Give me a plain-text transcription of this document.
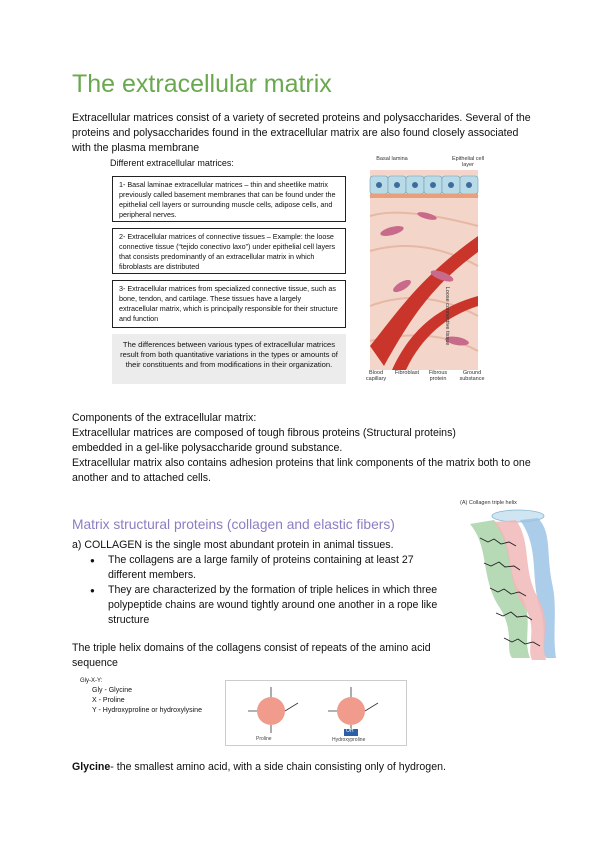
The extracellular matrix

Extracellular matrices consist of a variety of secreted proteins and polysaccharides. Several of the proteins and polysaccharides found in the extracellular matrix are also found closely associated with the plasma membrane

Different extracellular matrices:
1- Basal laminae extracellular matrices – thin and sheetlike matrix previously called basement membranes that can be found under the epithelial cell layers or surrounding muscle cells, adipose cells, and peripheral nerves.
2- Extracellular matrices of connective tissues – Example: the loose connective tissue (“tejido conectivo laxo”) under epithelial cell layers that consists predominantly of an extracellular matrix in which fibroblasts are distributed
3- Extracellular matrices from specialized connective tissue, such as bone, tendon, and cartilage. These tissues have a largely extracellular matrix, which is principally responsible for their structure and function
The differences between various types of extracellular matrices result from both quantitative variations in the types or amounts of their constituents and from modifications in their organization.
Basal lamina	Epithelial cell layer
Loose connective tissue
Blood capillary
Fibroblast	Fibrous protein
Ground substance

Components of the extracellular matrix:

Extracellular matrices are composed of tough fibrous proteins (Structural proteins) embedded in a gel-like polysaccharide ground substance.

Extracellular matrix also contains adhesion proteins that link components of the matrix both to one another and to attached cells.

Matrix structural proteins (collagen and elastic fibers)

a) COLLAGEN is the single most abundant protein in animal tissues.

● The collagens are a large family of proteins containing at least 27 different members.
● They are characterized by the formation of triple helices in which three polypeptide chains are wound tightly around one another in a rope like structure
(A) Collagen triple helix

The triple helix domains of the collagens consist of repeats of the amino acid sequence

Gly-X-Y:
Gly - Glycine
X - Proline
Y - Hydroxyproline or hydroxylysine
OH
Proline	Hydroxyproline

Glycine- the smallest amino acid, with a side chain consisting only of hydrogen.
